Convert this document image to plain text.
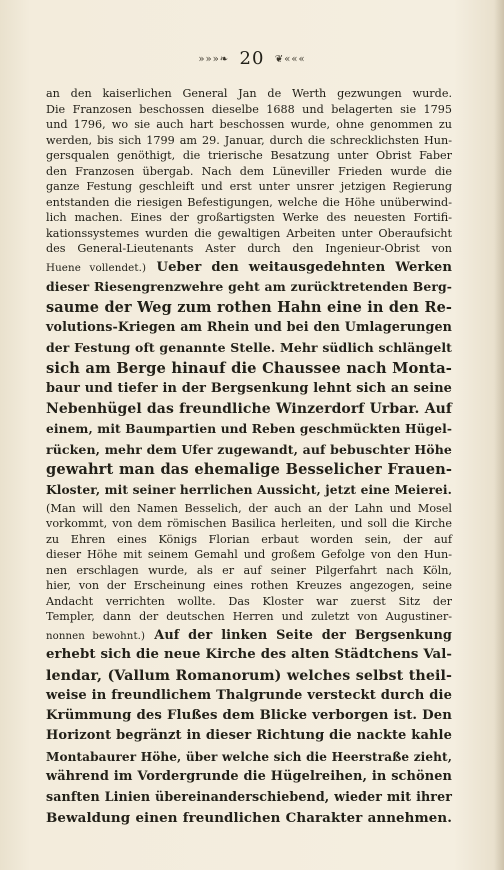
»»»❧ 20 ❦«««
an den kaiserlichen General Jan de Werth gezwungen wurde.
Die Franzosen beschossen dieselbe 1688 und belagerten sie 1795
und 1796, wo sie auch hart beschossen wurde, ohne genommen zu
werden, bis sich 1799 am 29. Januar, durch die schrecklichsten Hun-
gersqualen genöthigt, die trierische Besatzung unter Obrist Faber
den Franzosen übergab. Nach dem Lüneviller Frieden wurde die
ganze Festung geschleift und erst unter unsrer jetzigen Regierung
entstanden die riesigen Befestigungen, welche die Höhe unüberwind-
lich machen. Eines der großartigsten Werke des neuesten Fortifi-
kationssystemes wurden die gewaltigen Arbeiten unter Oberaufsicht
des General-Lieutenants Aster durch den Ingenieur-Obrist von
Huene vollendet.) Ueber den weitausgedehnten Werken
dieser Riesengrenzwehre geht am zurücktretenden Berg-
saume der Weg zum rothen Hahn eine in den Re-
volutions-Kriegen am Rhein und bei den Umlagerungen
der Festung oft genannte Stelle. Mehr südlich schlängelt
sich am Berge hinauf die Chaussee nach Monta-
baur und tiefer in der Bergsenkung lehnt sich an seine
Nebenhügel das freundliche Winzerdorf Urbar. Auf
einem, mit Baumpartien und Reben geschmückten Hügel-
rücken, mehr dem Ufer zugewandt, auf bebuschter Höhe
gewahrt man das ehemalige Besselicher Frauen-
Kloster, mit seiner herrlichen Aussicht, jetzt eine Meierei.
(Man will den Namen Besselich, der auch an der Lahn und Mosel
vorkommt, von dem römischen Basilica herleiten, und soll die Kirche
zu Ehren eines Königs Florian erbaut worden sein, der auf
dieser Höhe mit seinem Gemahl und großem Gefolge von den Hun-
nen erschlagen wurde, als er auf seiner Pilgerfahrt nach Köln,
hier, von der Erscheinung eines rothen Kreuzes angezogen, seine
Andacht verrichten wollte. Das Kloster war zuerst Sitz der
Templer, dann der deutschen Herren und zuletzt von Augustiner-
nonnen bewohnt.) Auf der linken Seite der Bergsenkung
erhebt sich die neue Kirche des alten Städtchens Val-
lendar, (Vallum Romanorum) welches selbst theil-
weise in freundlichem Thalgrunde versteckt durch die
Krümmung des Flußes dem Blicke verborgen ist. Den
Horizont begränzt in dieser Richtung die nackte kahle
Montabaurer Höhe, über welche sich die Heerstraße zieht,
während im Vordergrunde die Hügelreihen, in schönen
sanften Linien übereinanderschiebend, wieder mit ihrer
Bewaldung einen freundlichen Charakter annehmen.
